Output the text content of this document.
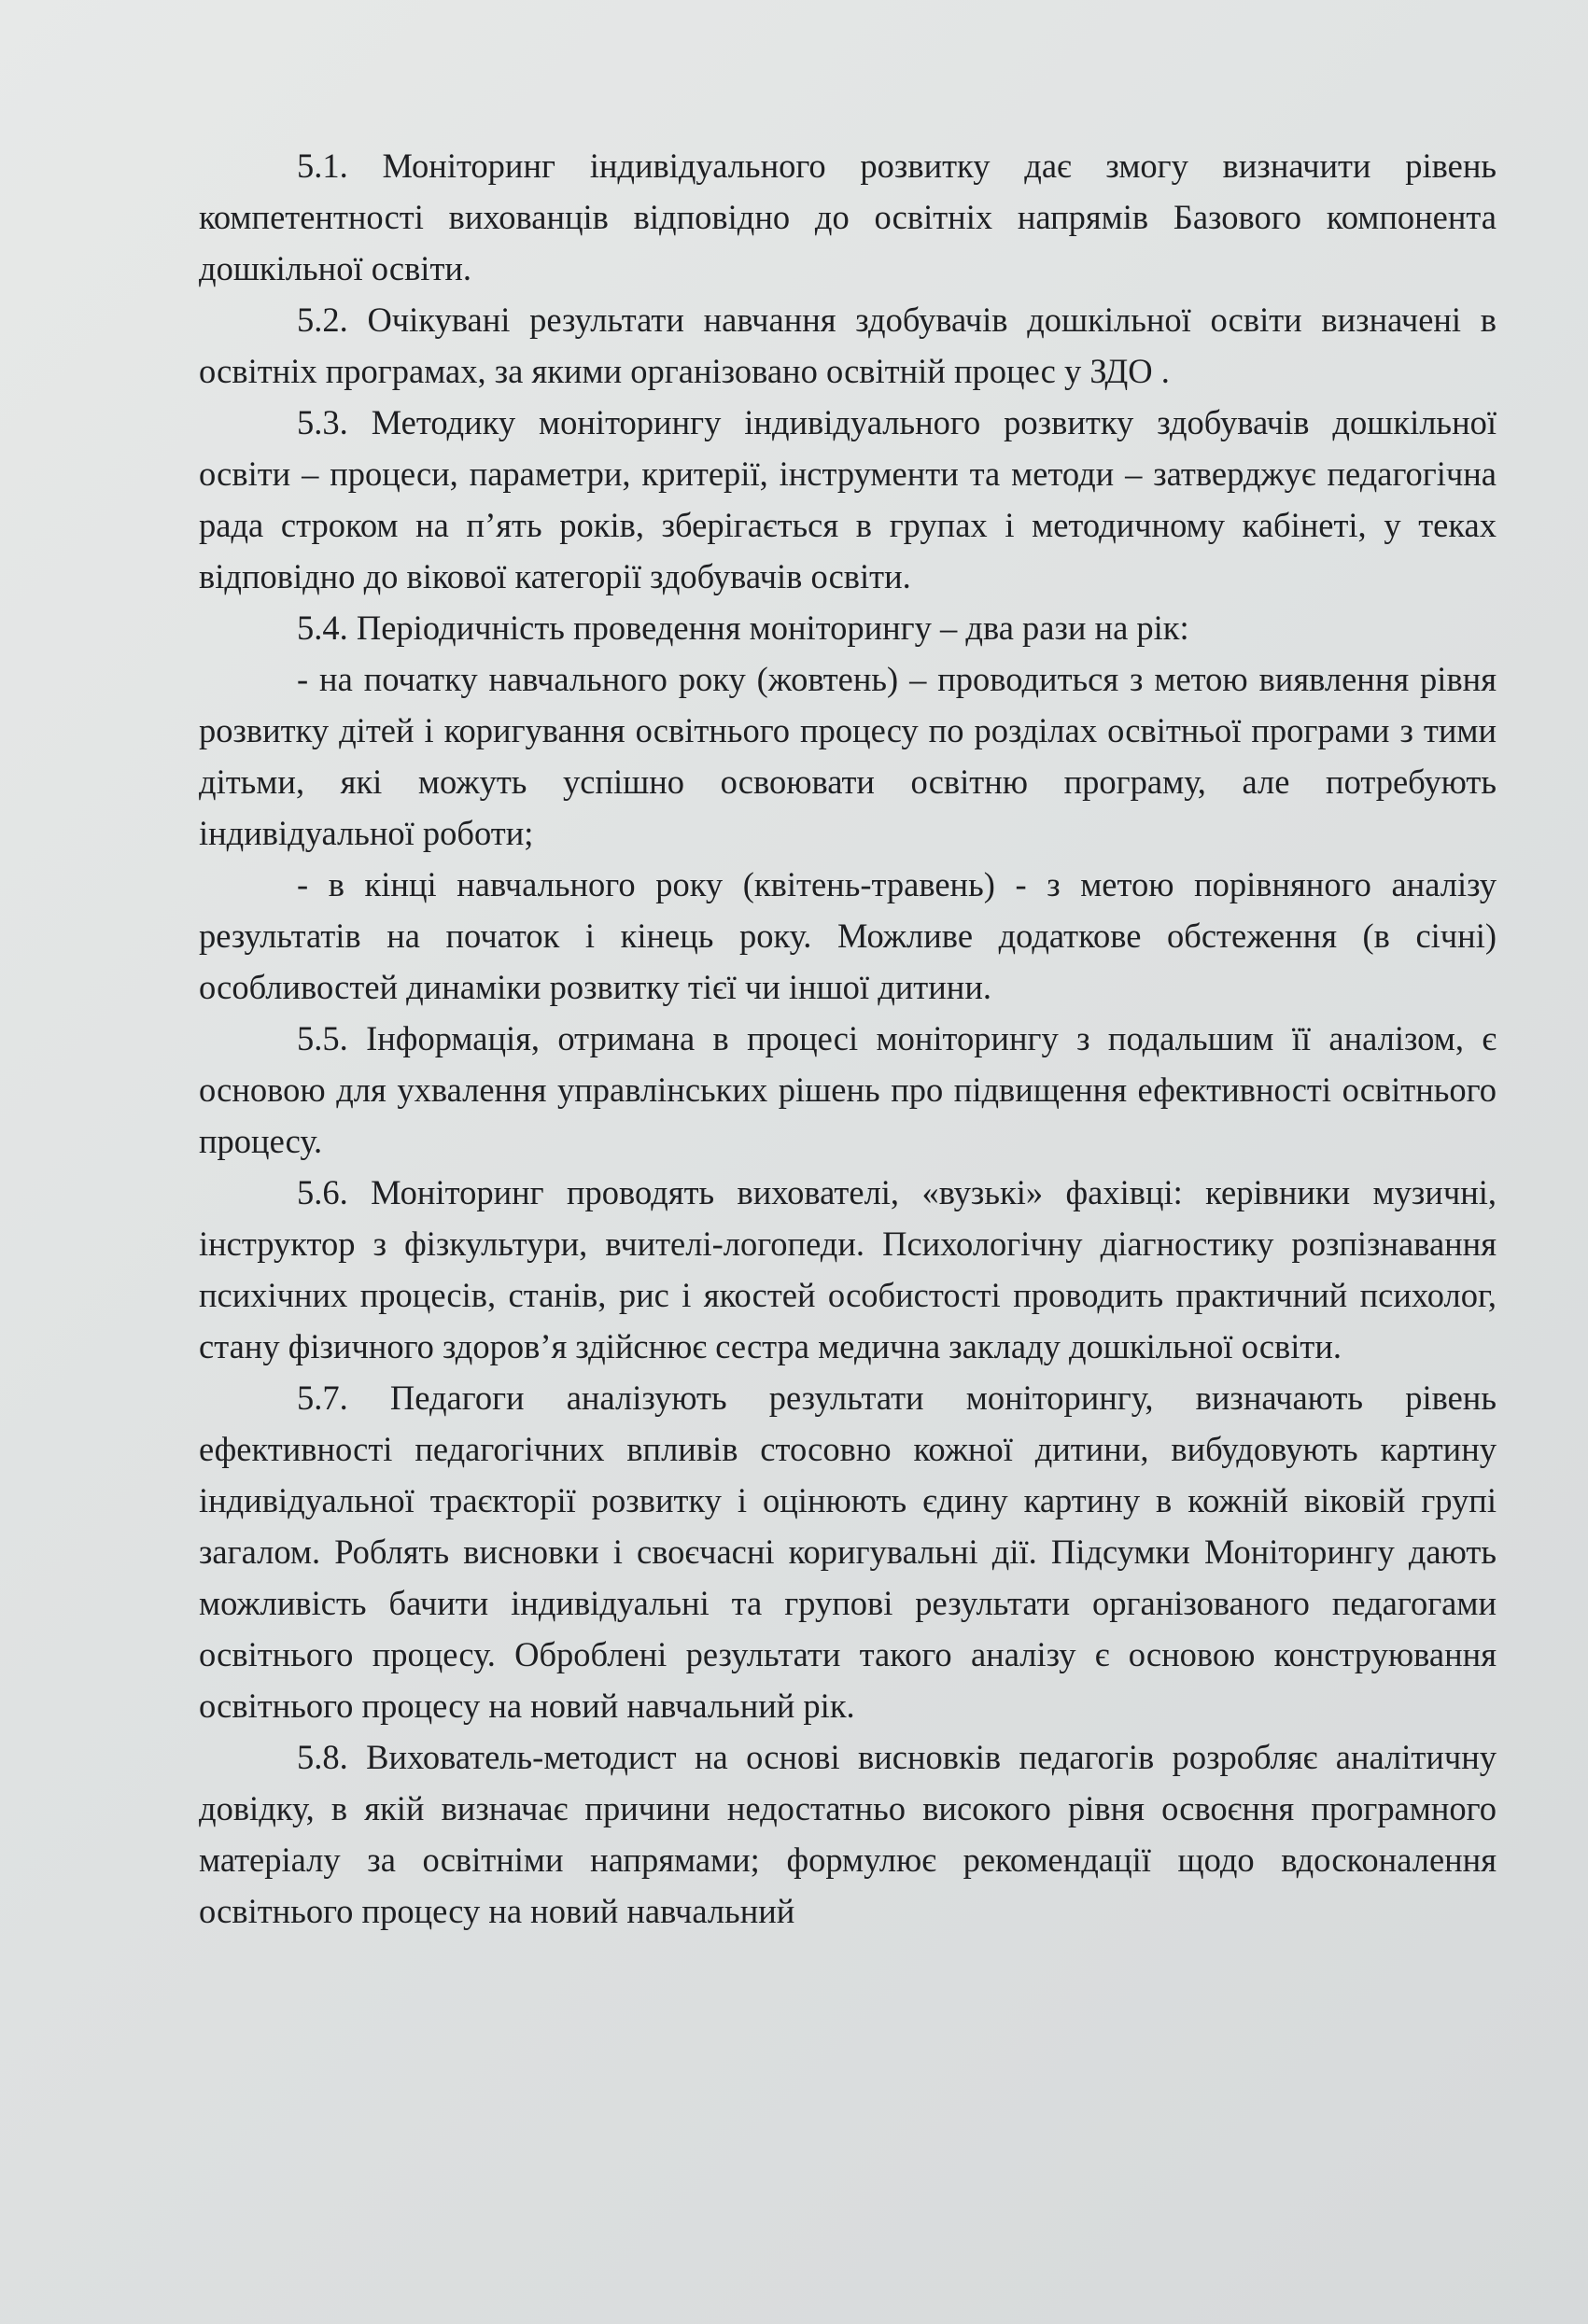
5.1. Моніторинг індивідуального розвитку дає змогу визначити рівень компетентності вихованців відповідно до освітніх напрямів Базового компонента дошкільної освіти.

5.2. Очікувані результати навчання здобувачів дошкільної освіти визначені в освітніх програмах, за якими організовано освітній процес у ЗДО .

5.3. Методику моніторингу індивідуального розвитку здобувачів дошкільної освіти – процеси, параметри, критерії, інструменти та методи – затверджує педагогічна рада строком на п’ять років, зберігається в групах і методичному кабінеті, у теках відповідно до вікової категорії здобувачів освіти.

5.4. Періодичність проведення моніторингу – два рази на рік:

- на початку навчального року (жовтень) – проводиться з метою виявлення рівня розвитку дітей і коригування освітнього процесу по розділах освітньої програми з тими дітьми, які можуть успішно освоювати освітню програму, але потребують індивідуальної роботи;

- в кінці навчального року (квітень-травень) - з метою порівняного аналізу результатів на початок і кінець року. Можливе додаткове обстеження (в січні) особливостей динаміки розвитку тієї чи іншої дитини.

5.5. Інформація, отримана в процесі моніторингу з подальшим її аналізом, є основою для ухвалення управлінських рішень про підвищення ефективності освітнього процесу.

5.6. Моніторинг проводять вихователі, «вузькі» фахівці: керівники музичні, інструктор з фізкультури, вчителі-логопеди. Психологічну діагностику розпізнавання психічних процесів, станів, рис і якостей особистості проводить практичний психолог, стану фізичного здоров’я здійснює сестра медична закладу дошкільної освіти.

5.7. Педагоги аналізують результати моніторингу, визначають рівень ефективності педагогічних впливів стосовно кожної дитини, вибудовують картину індивідуальної траєкторії розвитку і оцінюють єдину картину в кожній віковій групі загалом. Роблять висновки і своєчасні коригувальні дії. Підсумки Моніторингу дають можливість бачити індивідуальні та групові результати організованого педагогами освітнього процесу. Оброблені результати такого аналізу є основою конструювання освітнього процесу на новий навчальний рік.

5.8. Вихователь-методист на основі висновків педагогів розробляє аналітичну довідку, в якій визначає причини недостатньо високого рівня освоєння програмного матеріалу за освітніми напрямами; формулює рекомендації щодо вдосконалення освітнього процесу на новий навчальний
